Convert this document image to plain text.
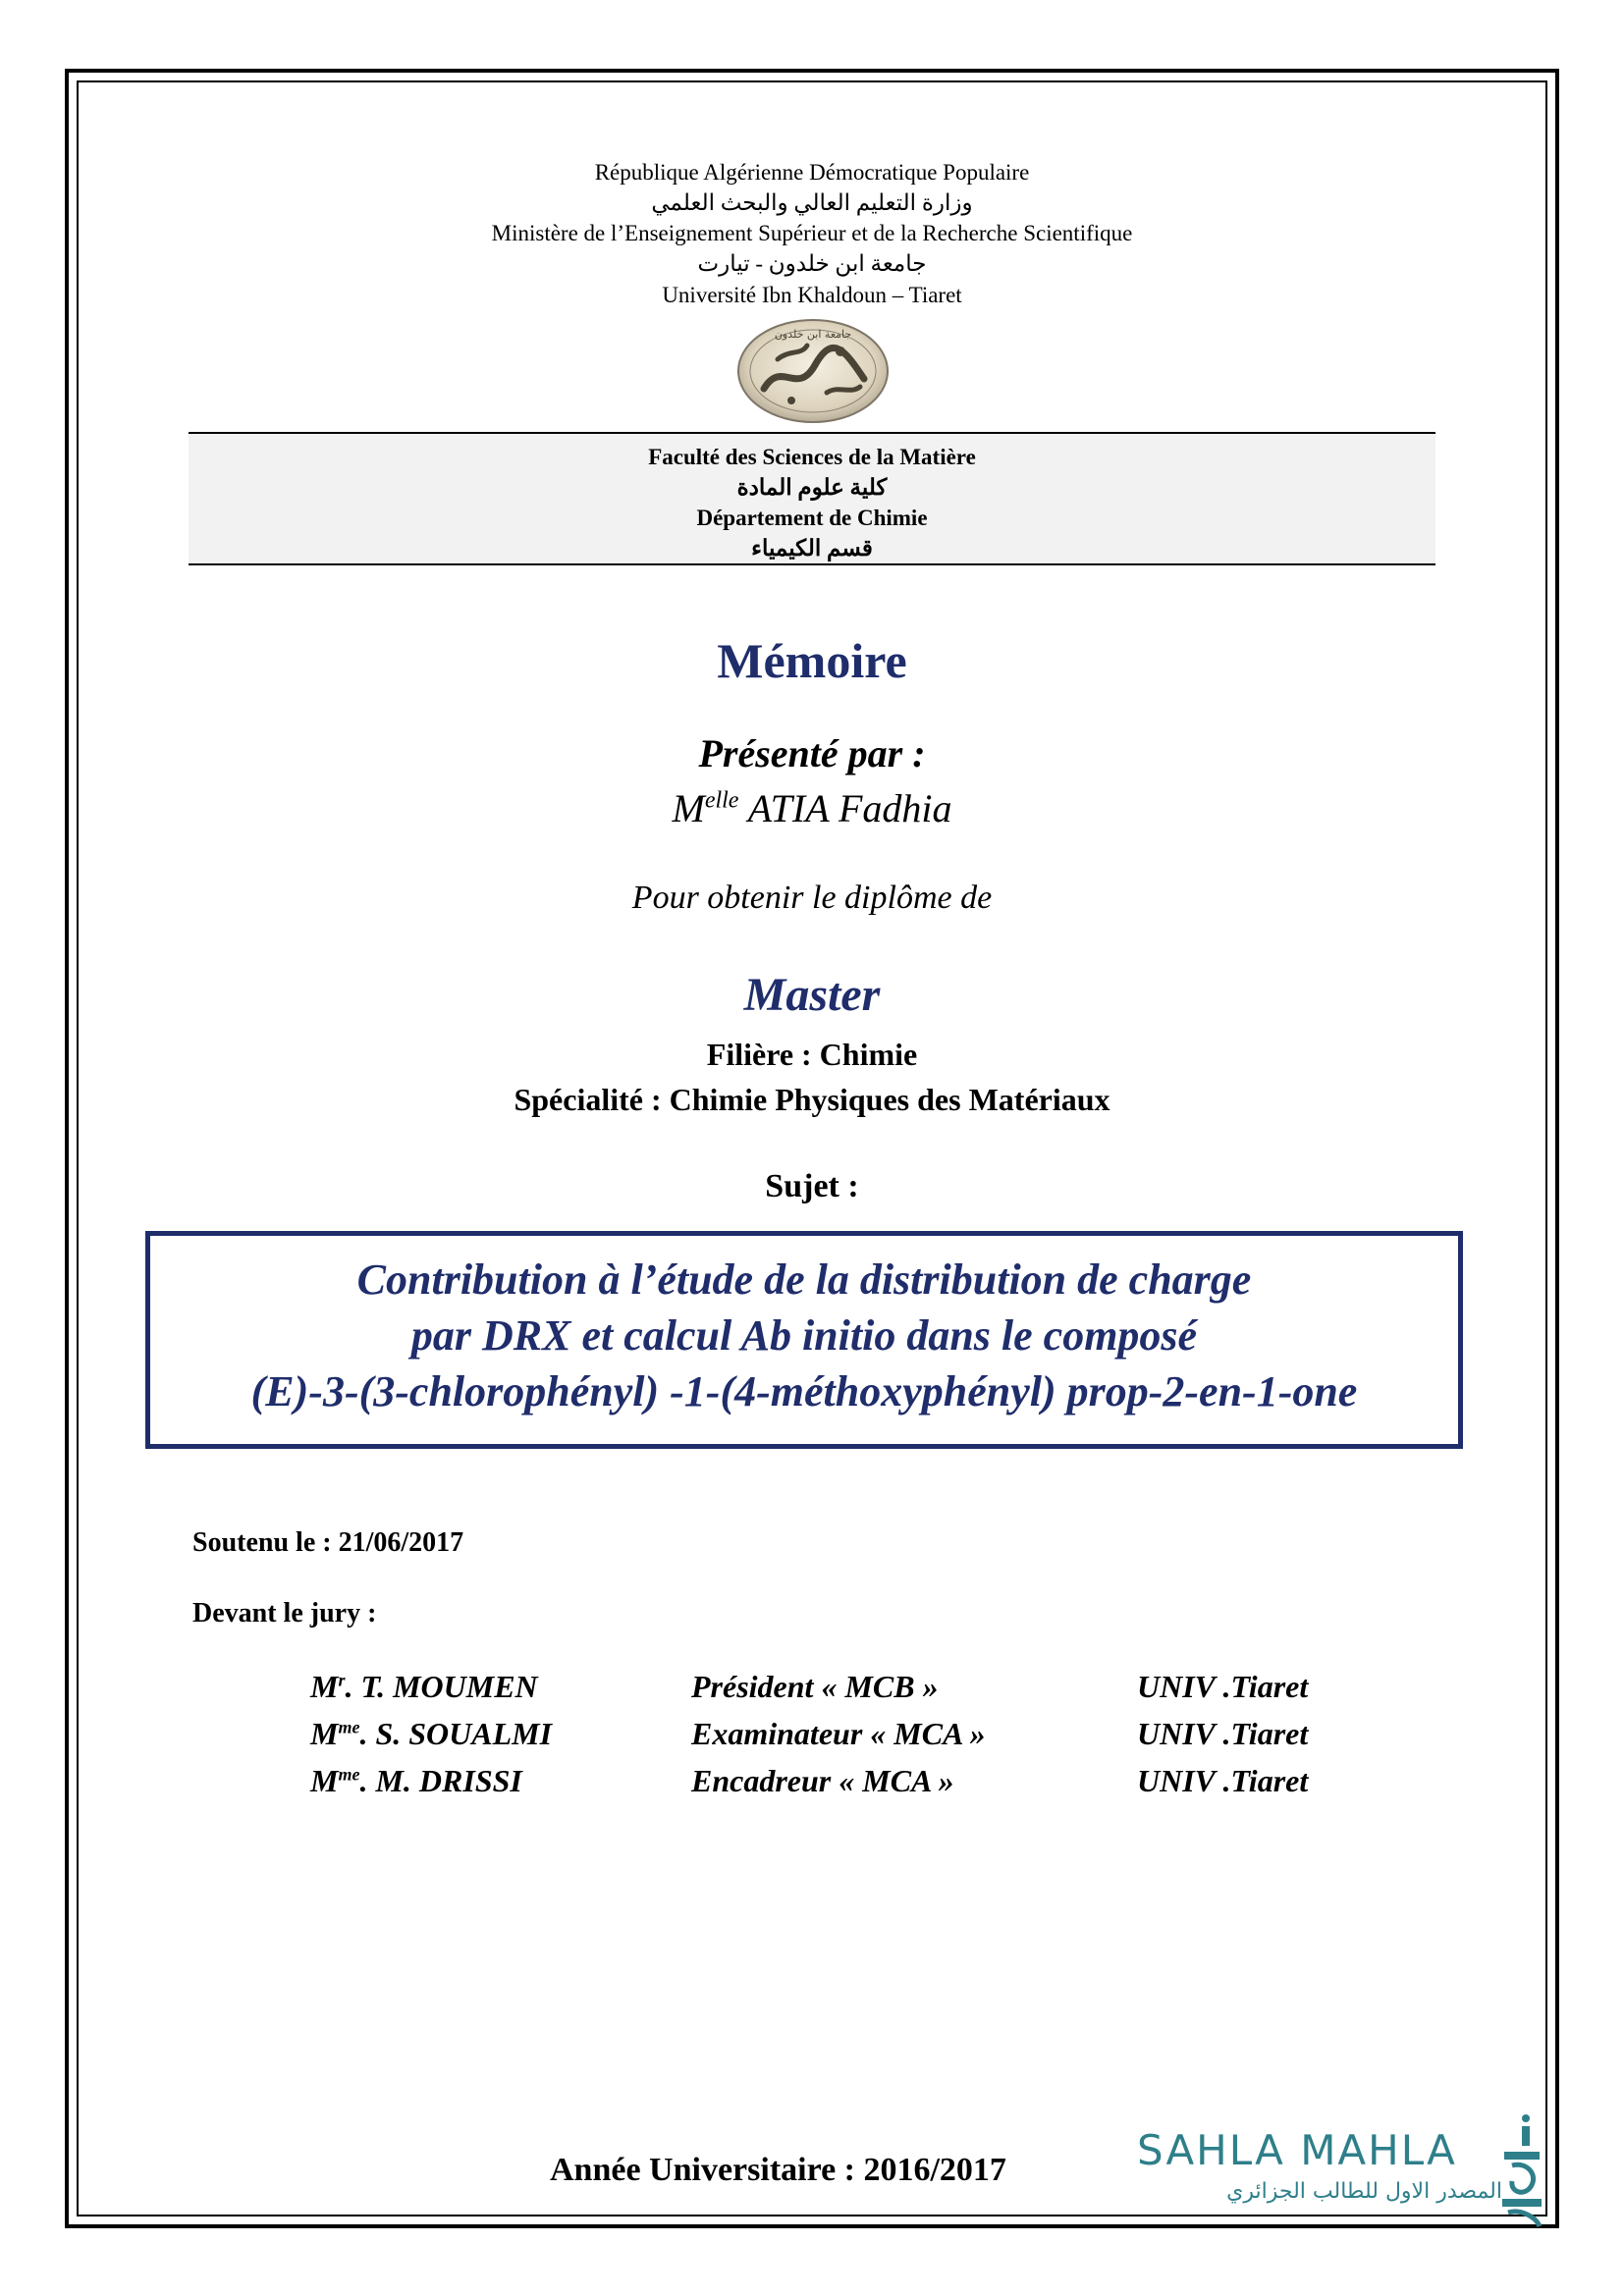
République Algérienne Démocratique Populaire
وزارة التعليم العالي والبحث العلمي
Ministère de l’Enseignement Supérieur et de la Recherche Scientifique
جامعة ابن خلدون - تيارت
Université Ibn Khaldoun – Tiaret
جامعة ابن خلدون
Faculté des Sciences de la Matière
كلية علوم المادة
Département de Chimie
قسم الكيمياء
Mémoire
Présenté par :
$M^{elle}$ ATIA Fadhia
Pour obtenir le diplôme de
Master
Filière : Chimie
Spécialité : Chimie Physiques des Matériaux
Sujet :
Contribution à l’étude de la distribution de charge
par DRX et calcul Ab initio dans le composé
(E)-3-(3-chlorophényl) -1-(4-méthoxyphényl) prop-2-en-1-one
Soutenu le : 21/06/2017
Devant le jury :
$M^r$. T. MOUMEN	Président « MCB »	UNIV .Tiaret
$M^{me}$. S. SOUALMI	Examinateur « MCA »	UNIV .Tiaret
$M^{me}$. M. DRISSI	Encadreur « MCA »	UNIV .Tiaret
Année Universitaire : 2016/2017	SAHLA MAHLA
المصدر الاول للطالب الجزائري
